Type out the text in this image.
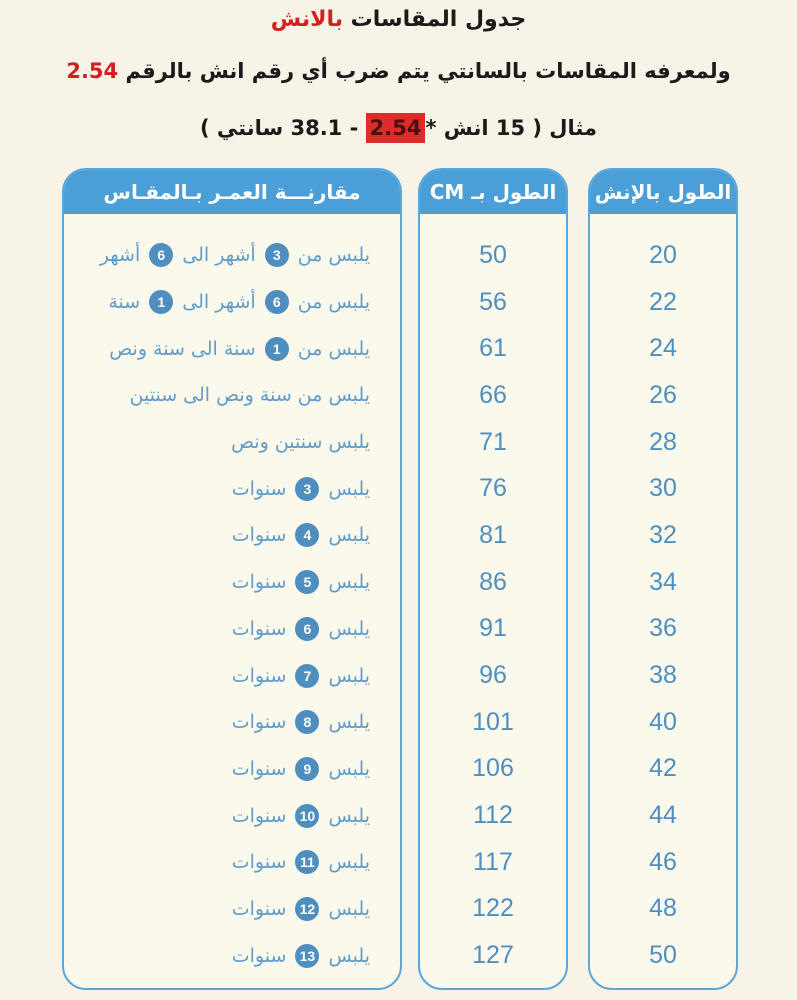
جدول المقاسات بالانش
ولمعرفه المقاسات بالسانتي يتم ضرب أي رقم انش بالرقم 2.54
مثال ( 15 انش *2.54 - 38.1 سانتي )
الطول بالإنش
20
22
24
26
28
30
32
34
36
38
40
42
44
46
48
50
الطول بـ CM
50
56
61
66
71
76
81
86
91
96
101
106
112
117
122
127
مقارنـــة العمـر بـالمقـاس
يلبس من
3
أشهر الى
6
أشهر
يلبس من
6
أشهر الى
1
سنة
يلبس من
1
سنة الى سنة ونص
يلبس من سنة ونص الى سنتين
يلبس سنتين ونص
يلبس
3
سنوات
يلبس
4
سنوات
يلبس
5
سنوات
يلبس
6
سنوات
يلبس
7
سنوات
يلبس
8
سنوات
يلبس
9
سنوات
يلبس
10
سنوات
يلبس
11
سنوات
يلبس
12
سنوات
يلبس
13
سنوات
